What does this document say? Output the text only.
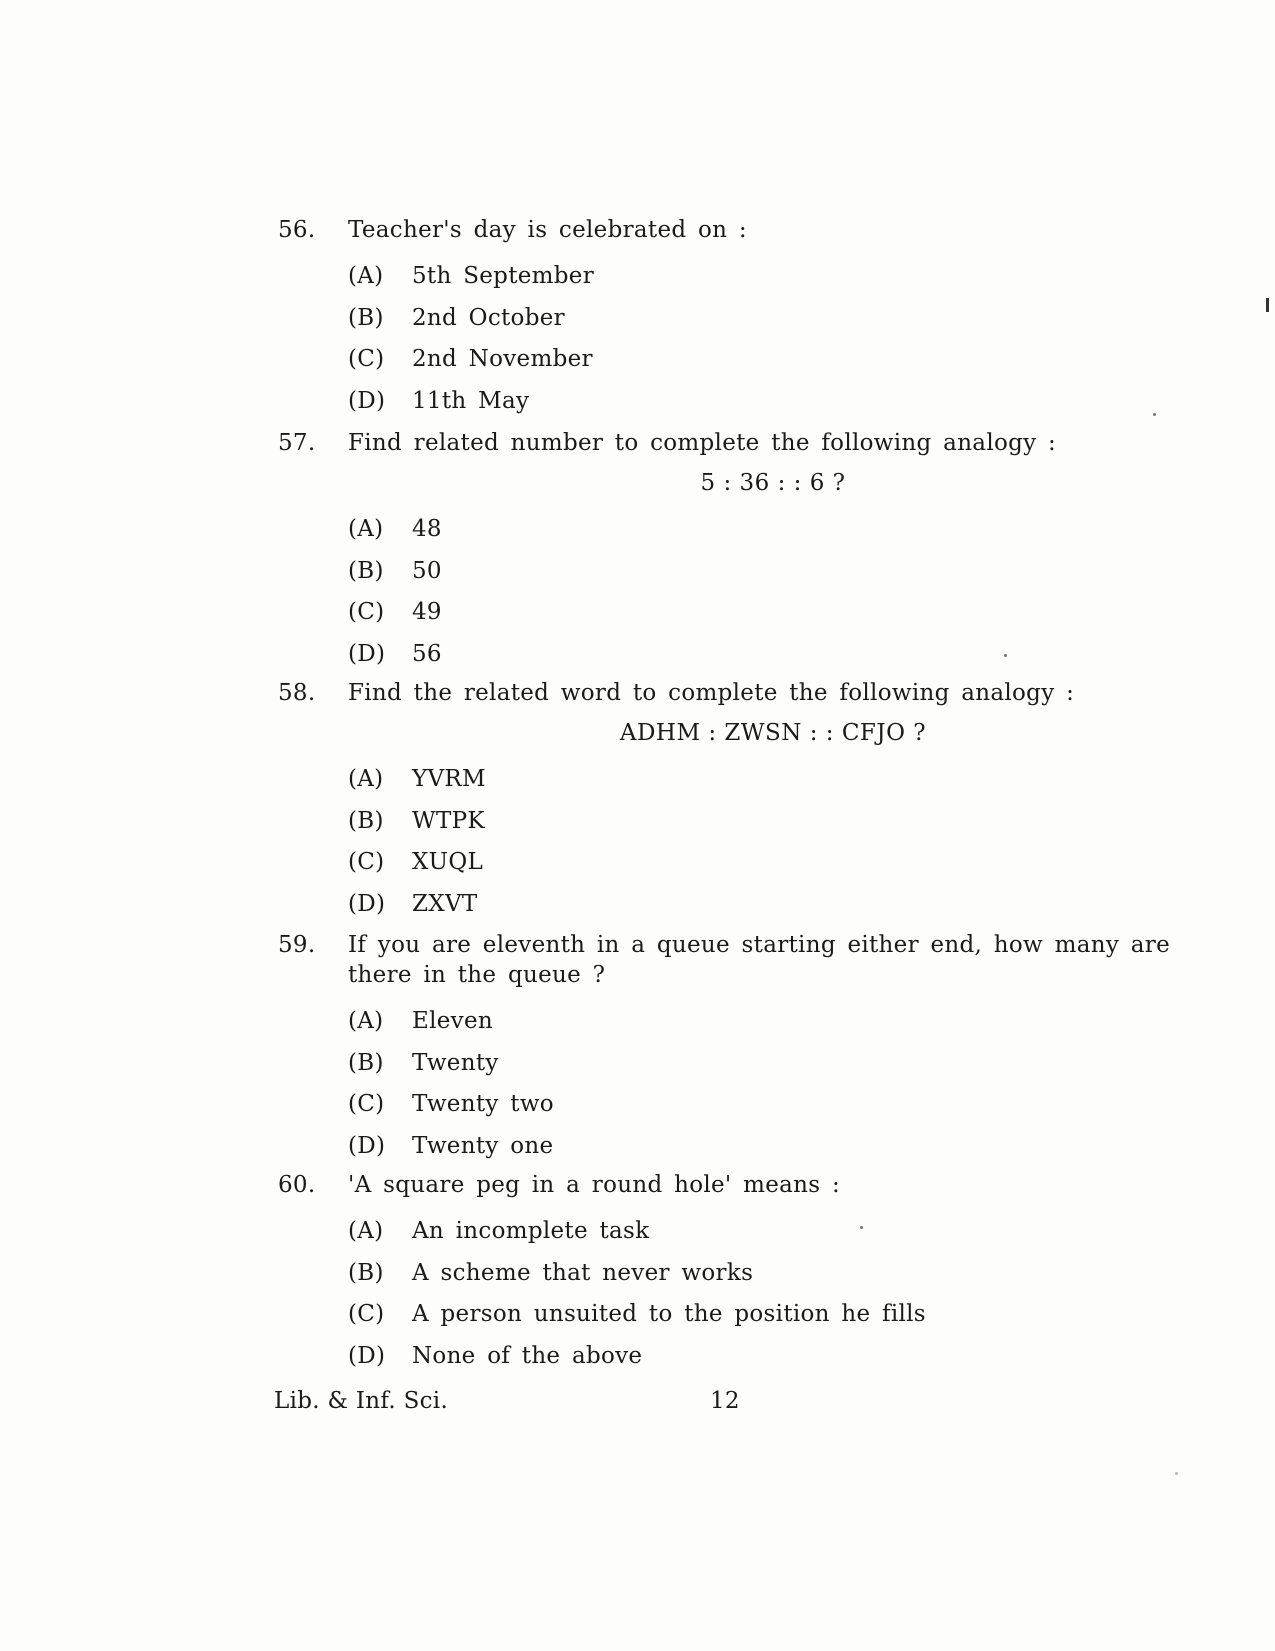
56.	Teacher's day is celebrated on :
(A)	5th September
(B)	2nd October
(C)	2nd November
(D)	11th May
57.	Find related number to complete the following analogy :
5 : 36 : : 6 ?
(A)	48
(B)	50
(C)	49
(D)	56
58.	Find the related word to complete the following analogy :
ADHM : ZWSN : : CFJO ?
(A)	YVRM
(B)	WTPK
(C)	XUQL
(D)	ZXVT
59.	If you are eleventh in a queue starting either end, how many are there in the queue ?
(A)	Eleven
(B)	Twenty
(C)	Twenty two
(D)	Twenty one
60.	'A square peg in a round hole' means :
(A)	An incomplete task
(B)	A scheme that never works
(C)	A person unsuited to the position he fills
(D)	None of the above
Lib. & Inf. Sci.	12
